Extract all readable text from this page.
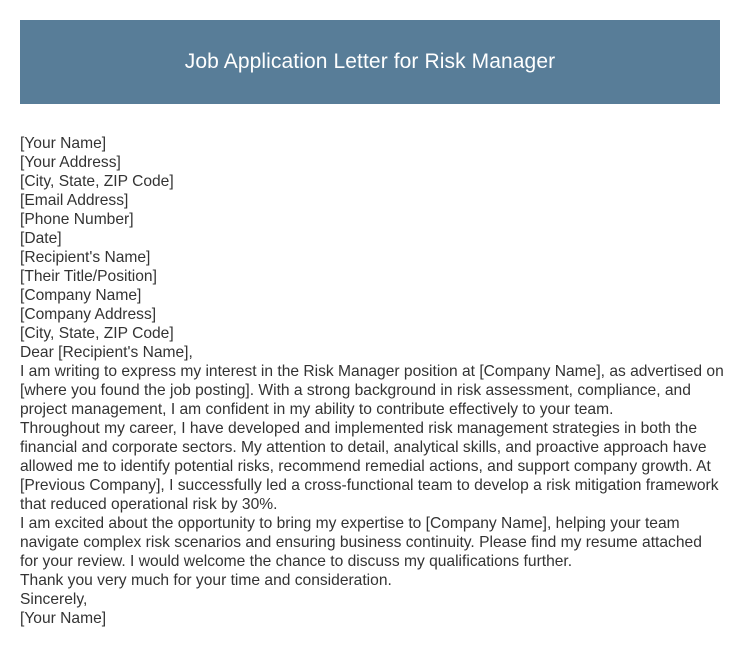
Job Application Letter for Risk Manager
[Your Name]
[Your Address]
[City, State, ZIP Code]
[Email Address]
[Phone Number]
[Date]
[Recipient's Name]
[Their Title/Position]
[Company Name]
[Company Address]
[City, State, ZIP Code]
Dear [Recipient's Name],
I am writing to express my interest in the Risk Manager position at [Company Name], as advertised on [where you found the job posting]. With a strong background in risk assessment, compliance, and project management, I am confident in my ability to contribute effectively to your team.
Throughout my career, I have developed and implemented risk management strategies in both the financial and corporate sectors. My attention to detail, analytical skills, and proactive approach have allowed me to identify potential risks, recommend remedial actions, and support company growth. At [Previous Company], I successfully led a cross-functional team to develop a risk mitigation framework that reduced operational risk by 30%.
I am excited about the opportunity to bring my expertise to [Company Name], helping your team navigate complex risk scenarios and ensuring business continuity. Please find my resume attached for your review. I would welcome the chance to discuss my qualifications further.
Thank you very much for your time and consideration.
Sincerely,
[Your Name]
